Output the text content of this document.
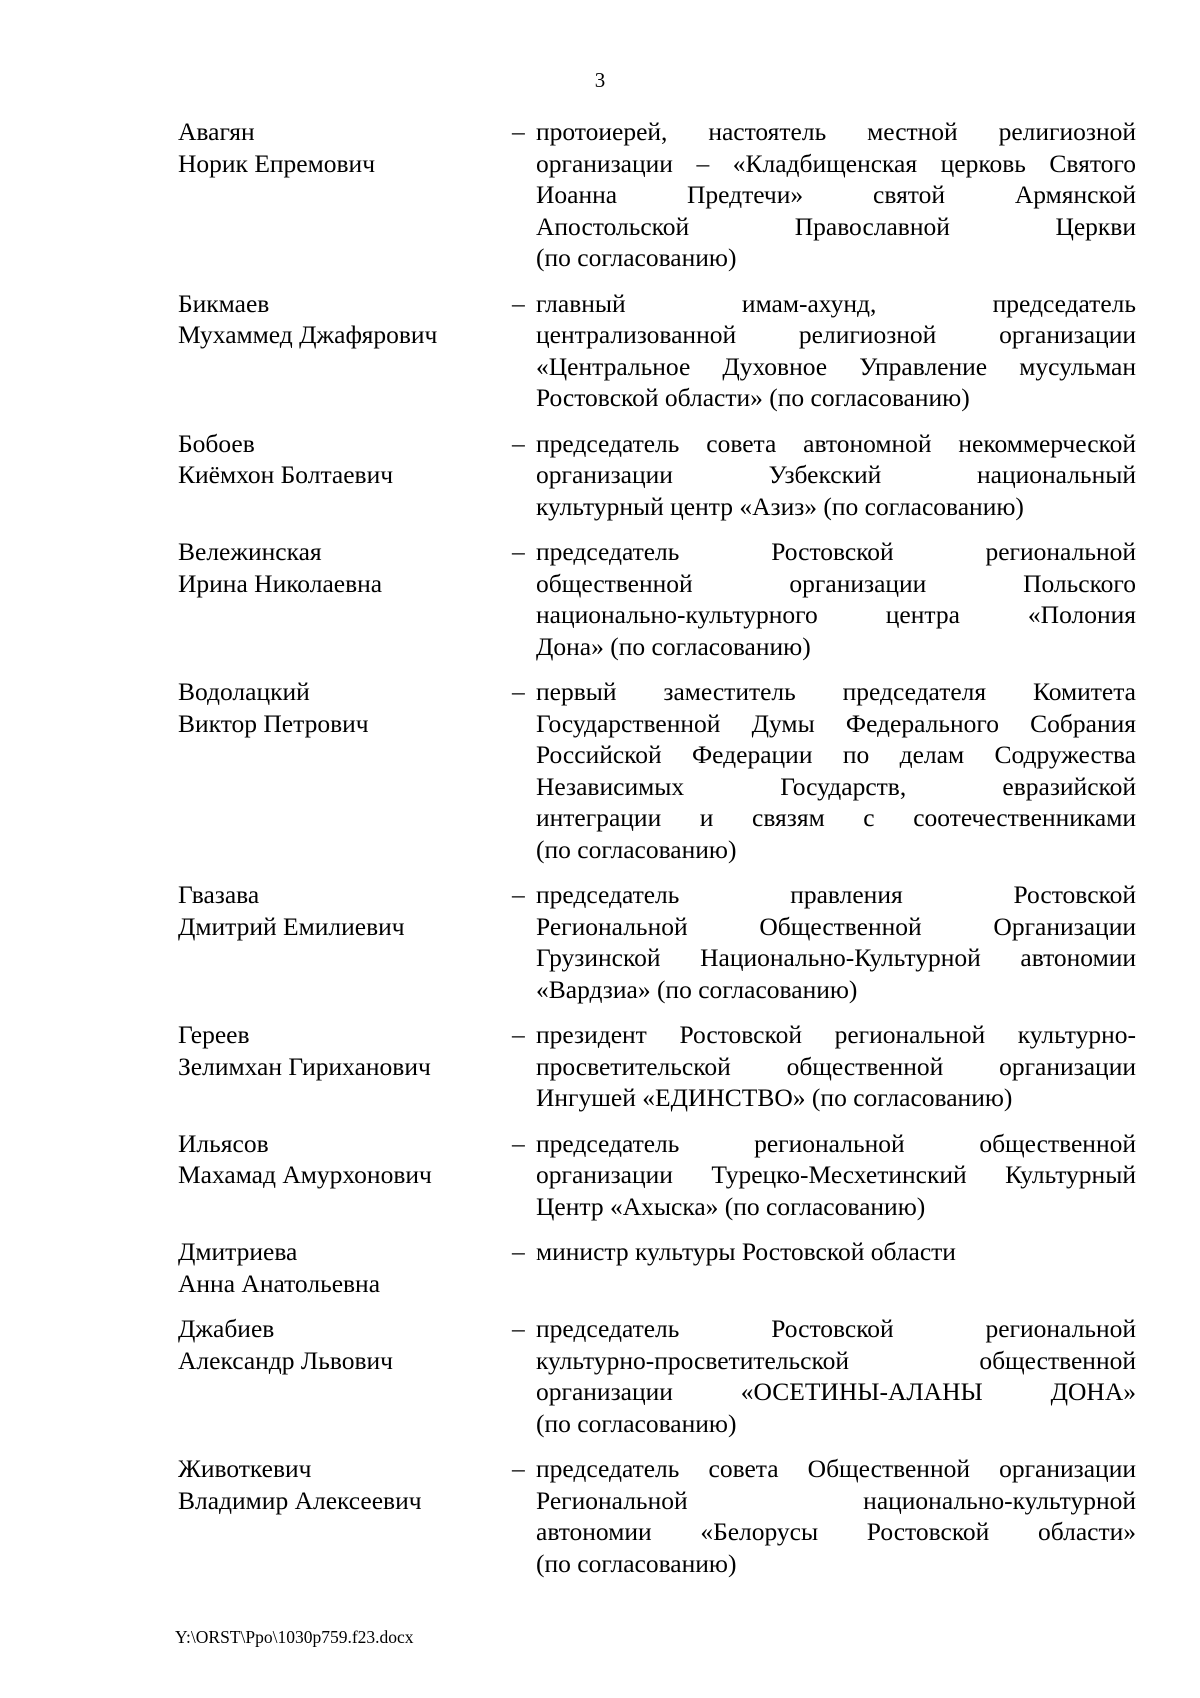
3
Авагян
Норик Епремович
– протоиерей, настоятель местной религиозной
организации – «Кладбищенская церковь Святого
Иоанна Предтечи» святой Армянской
Апостольской Православной Церкви
(по согласованию)
Бикмаев
Мухаммед Джафярович
– главный имам-ахунд, председатель
централизованной религиозной организации
«Центральное Духовное Управление мусульман
Ростовской области» (по согласованию)
Бобоев
Киёмхон Болтаевич
– председатель совета автономной некоммерческой
организации Узбекский национальный
культурный центр «Азиз» (по согласованию)
Вележинская
Ирина Николаевна
– председатель Ростовской региональной
общественной организации Польского
национально-культурного центра «Полония
Дона» (по согласованию)
Водолацкий
Виктор Петрович
– первый заместитель председателя Комитета
Государственной Думы Федерального Собрания
Российской Федерации по делам Содружества
Независимых Государств, евразийской
интеграции и связям с соотечественниками
(по согласованию)
Гвазава
Дмитрий Емилиевич
– председатель правления Ростовской
Региональной Общественной Организации
Грузинской Национально-Культурной автономии
«Вардзиа» (по согласованию)
Гереев
Зелимхан Гириханович
– президент Ростовской региональной культурно-
просветительской общественной организации
Ингушей «ЕДИНСТВО» (по согласованию)
Ильясов
Махамад Амурхонович
– председатель региональной общественной
организации Турецко-Месхетинский Культурный
Центр «Ахыска» (по согласованию)
Дмитриева
Анна Анатольевна
– министр культуры Ростовской области
Джабиев
Александр Львович
– председатель Ростовской региональной
культурно-просветительской общественной
организации «ОСЕТИНЫ-АЛАНЫ ДОНА»
(по согласованию)
Животкевич
Владимир Алексеевич
– председатель совета Общественной организации
Региональной национально-культурной
автономии «Белорусы Ростовской области»
(по согласованию)
Y:\ORST\Ppo\1030p759.f23.docx
